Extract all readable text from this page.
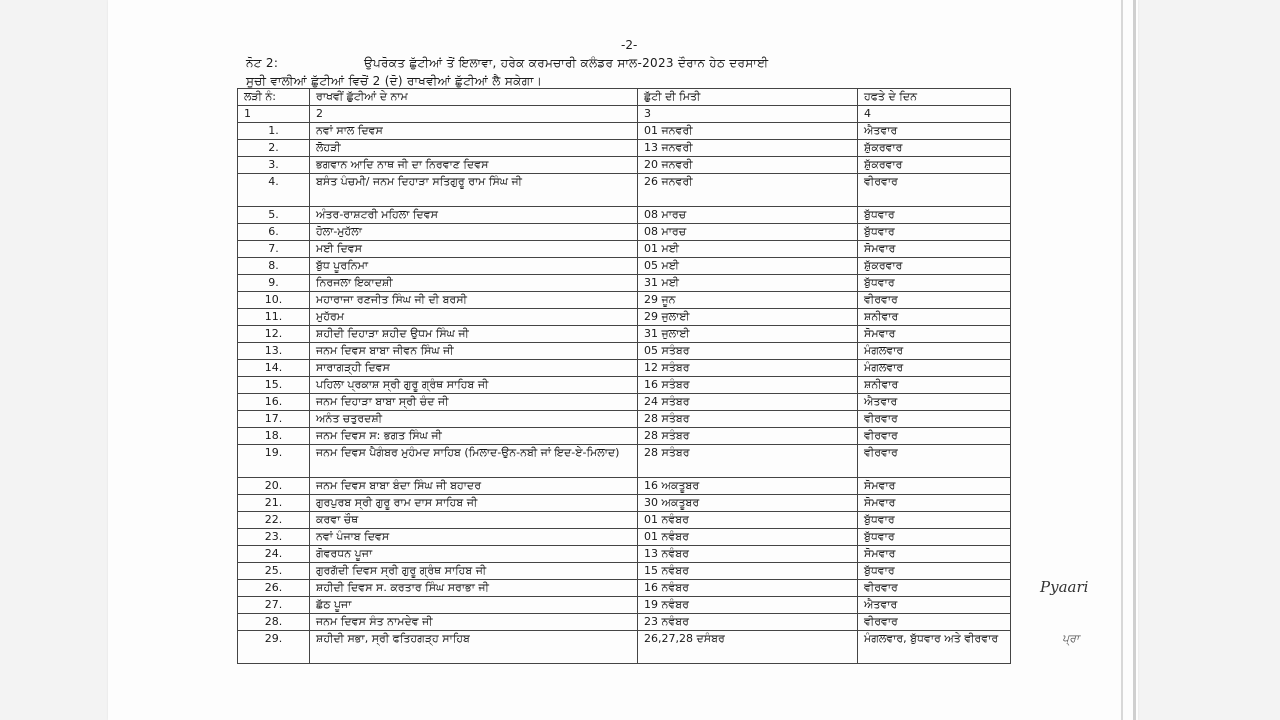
-2-
ਨੋਟ 2:	ਉਪਰੋਕਤ ਛੁੱਟੀਆਂ ਤੋਂ ਇਲਾਵਾ, ਹਰੇਕ ਕਰਮਚਾਰੀ ਕਲੰਡਰ ਸਾਲ-2023 ਦੌਰਾਨ ਹੇਠ ਦਰਸਾਈ
ਸੂਚੀ ਵਾਲੀਆਂ ਛੁੱਟੀਆਂ ਵਿਚੋਂ 2 (ਦੋ) ਰਾਖਵੀਆਂ ਛੁੱਟੀਆਂ ਲੈ ਸਕੇਗਾ।
ਲੜੀ ਨੰ:	ਰਾਖਵੀਂ ਛੁੱਟੀਆਂ ਦੇ ਨਾਮ	ਛੁੱਟੀ ਦੀ ਮਿਤੀ	ਹਫਤੇ ਦੇ ਦਿਨ
1	2	3	4
1.	ਨਵਾਂ ਸਾਲ ਦਿਵਸ	01 ਜਨਵਰੀ	ਐਤਵਾਰ
2.	ਲੋਹੜੀ	13 ਜਨਵਰੀ	ਸ਼ੁੱਕਰਵਾਰ
3.	ਭਗਵਾਨ ਆਦਿ ਨਾਥ ਜੀ ਦਾ ਨਿਰਵਾਣ ਦਿਵਸ	20 ਜਨਵਰੀ	ਸ਼ੁੱਕਰਵਾਰ
4.	ਬਸੰਤ ਪੰਚਮੀ/ ਜਨਮ ਦਿਹਾੜਾ ਸਤਿਗੁਰੂ ਰਾਮ ਸਿੰਘ ਜੀ	26 ਜਨਵਰੀ	ਵੀਰਵਾਰ
5.	ਅੰਤਰ-ਰਾਸ਼ਟਰੀ ਮਹਿਲਾ ਦਿਵਸ	08 ਮਾਰਚ	ਬੁੱਧਵਾਰ
6.	ਹੋਲਾ-ਮੁਹੱਲਾ	08 ਮਾਰਚ	ਬੁੱਧਵਾਰ
7.	ਮਈ ਦਿਵਸ	01 ਮਈ	ਸੋਮਵਾਰ
8.	ਬੁੱਧ ਪੂਰਨਿਮਾ	05 ਮਈ	ਸ਼ੁੱਕਰਵਾਰ
9.	ਨਿਰਜਲਾ ਇਕਾਦਸ਼ੀ	31 ਮਈ	ਬੁੱਧਵਾਰ
10.	ਮਹਾਰਾਜਾ ਰਣਜੀਤ ਸਿੰਘ ਜੀ ਦੀ ਬਰਸੀ	29 ਜੂਨ	ਵੀਰਵਾਰ
11.	ਮੁਹੱਰਮ	29 ਜੁਲਾਈ	ਸ਼ਨੀਵਾਰ
12.	ਸ਼ਹੀਦੀ ਦਿਹਾੜਾ ਸ਼ਹੀਦ ਉਧਮ ਸਿੰਘ ਜੀ	31 ਜੁਲਾਈ	ਸੋਮਵਾਰ
13.	ਜਨਮ ਦਿਵਸ ਬਾਬਾ ਜੀਵਨ ਸਿੰਘ ਜੀ	05 ਸਤੰਬਰ	ਮੰਗਲਵਾਰ
14.	ਸਾਰਾਗੜ੍ਹੀ ਦਿਵਸ	12 ਸਤੰਬਰ	ਮੰਗਲਵਾਰ
15.	ਪਹਿਲਾ ਪ੍ਰਕਾਸ਼ ਸ੍ਰੀ ਗੁਰੂ ਗ੍ਰੰਥ ਸਾਹਿਬ ਜੀ	16 ਸਤੰਬਰ	ਸ਼ਨੀਵਾਰ
16.	ਜਨਮ ਦਿਹਾੜਾ ਬਾਬਾ ਸ੍ਰੀ ਚੰਦ ਜੀ	24 ਸਤੰਬਰ	ਐਤਵਾਰ
17.	ਅਨੰਤ ਚਤੁਰਦਸ਼ੀ	28 ਸਤੰਬਰ	ਵੀਰਵਾਰ
18.	ਜਨਮ ਦਿਵਸ ਸ: ਭਗਤ ਸਿੰਘ ਜੀ	28 ਸਤੰਬਰ	ਵੀਰਵਾਰ
19.	ਜਨਮ ਦਿਵਸ ਪੈਗੰਬਰ ਮੁਹੰਮਦ ਸਾਹਿਬ (ਮਿਲਾਦ-ਉਨ-ਨਬੀ ਜਾਂ ਇਦ-ਏ-ਮਿਲਾਦ)	28 ਸਤੰਬਰ	ਵੀਰਵਾਰ
20.	ਜਨਮ ਦਿਵਸ ਬਾਬਾ ਬੰਦਾ ਸਿੰਘ ਜੀ ਬਹਾਦਰ	16 ਅਕਤੂਬਰ	ਸੋਮਵਾਰ
21.	ਗੁਰਪੁਰਬ ਸ੍ਰੀ ਗੁਰੂ ਰਾਮ ਦਾਸ ਸਾਹਿਬ ਜੀ	30 ਅਕਤੂਬਰ	ਸੋਮਵਾਰ
22.	ਕਰਵਾ ਚੌਥ	01 ਨਵੰਬਰ	ਬੁੱਧਵਾਰ
23.	ਨਵਾਂ ਪੰਜਾਬ ਦਿਵਸ	01 ਨਵੰਬਰ	ਬੁੱਧਵਾਰ
24.	ਗੋਵਰਧਨ ਪੂਜਾ	13 ਨਵੰਬਰ	ਸੋਮਵਾਰ
25.	ਗੁਰਗੱਦੀ ਦਿਵਸ ਸ੍ਰੀ ਗੁਰੂ ਗ੍ਰੰਥ ਸਾਹਿਬ ਜੀ	15 ਨਵੰਬਰ	ਬੁੱਧਵਾਰ
26.	ਸ਼ਹੀਦੀ ਦਿਵਸ ਸ. ਕਰਤਾਰ ਸਿੰਘ ਸਰਾਭਾ ਜੀ	16 ਨਵੰਬਰ	ਵੀਰਵਾਰ
27.	ਛੱਠ ਪੂਜਾ	19 ਨਵੰਬਰ	ਐਤਵਾਰ
28.	ਜਨਮ ਦਿਵਸ ਸੰਤ ਨਾਮਦੇਵ ਜੀ	23 ਨਵੰਬਰ	ਵੀਰਵਾਰ
29.	ਸ਼ਹੀਦੀ ਸਭਾ, ਸ੍ਰੀ ਫਤਿਹਗੜ੍ਹ ਸਾਹਿਬ	26,27,28 ਦਸੰਬਰ	ਮੰਗਲਵਾਰ, ਬੁੱਧਵਾਰ ਅਤੇ ਵੀਰਵਾਰ
Pyaari
ਪ੍ਰਾ
